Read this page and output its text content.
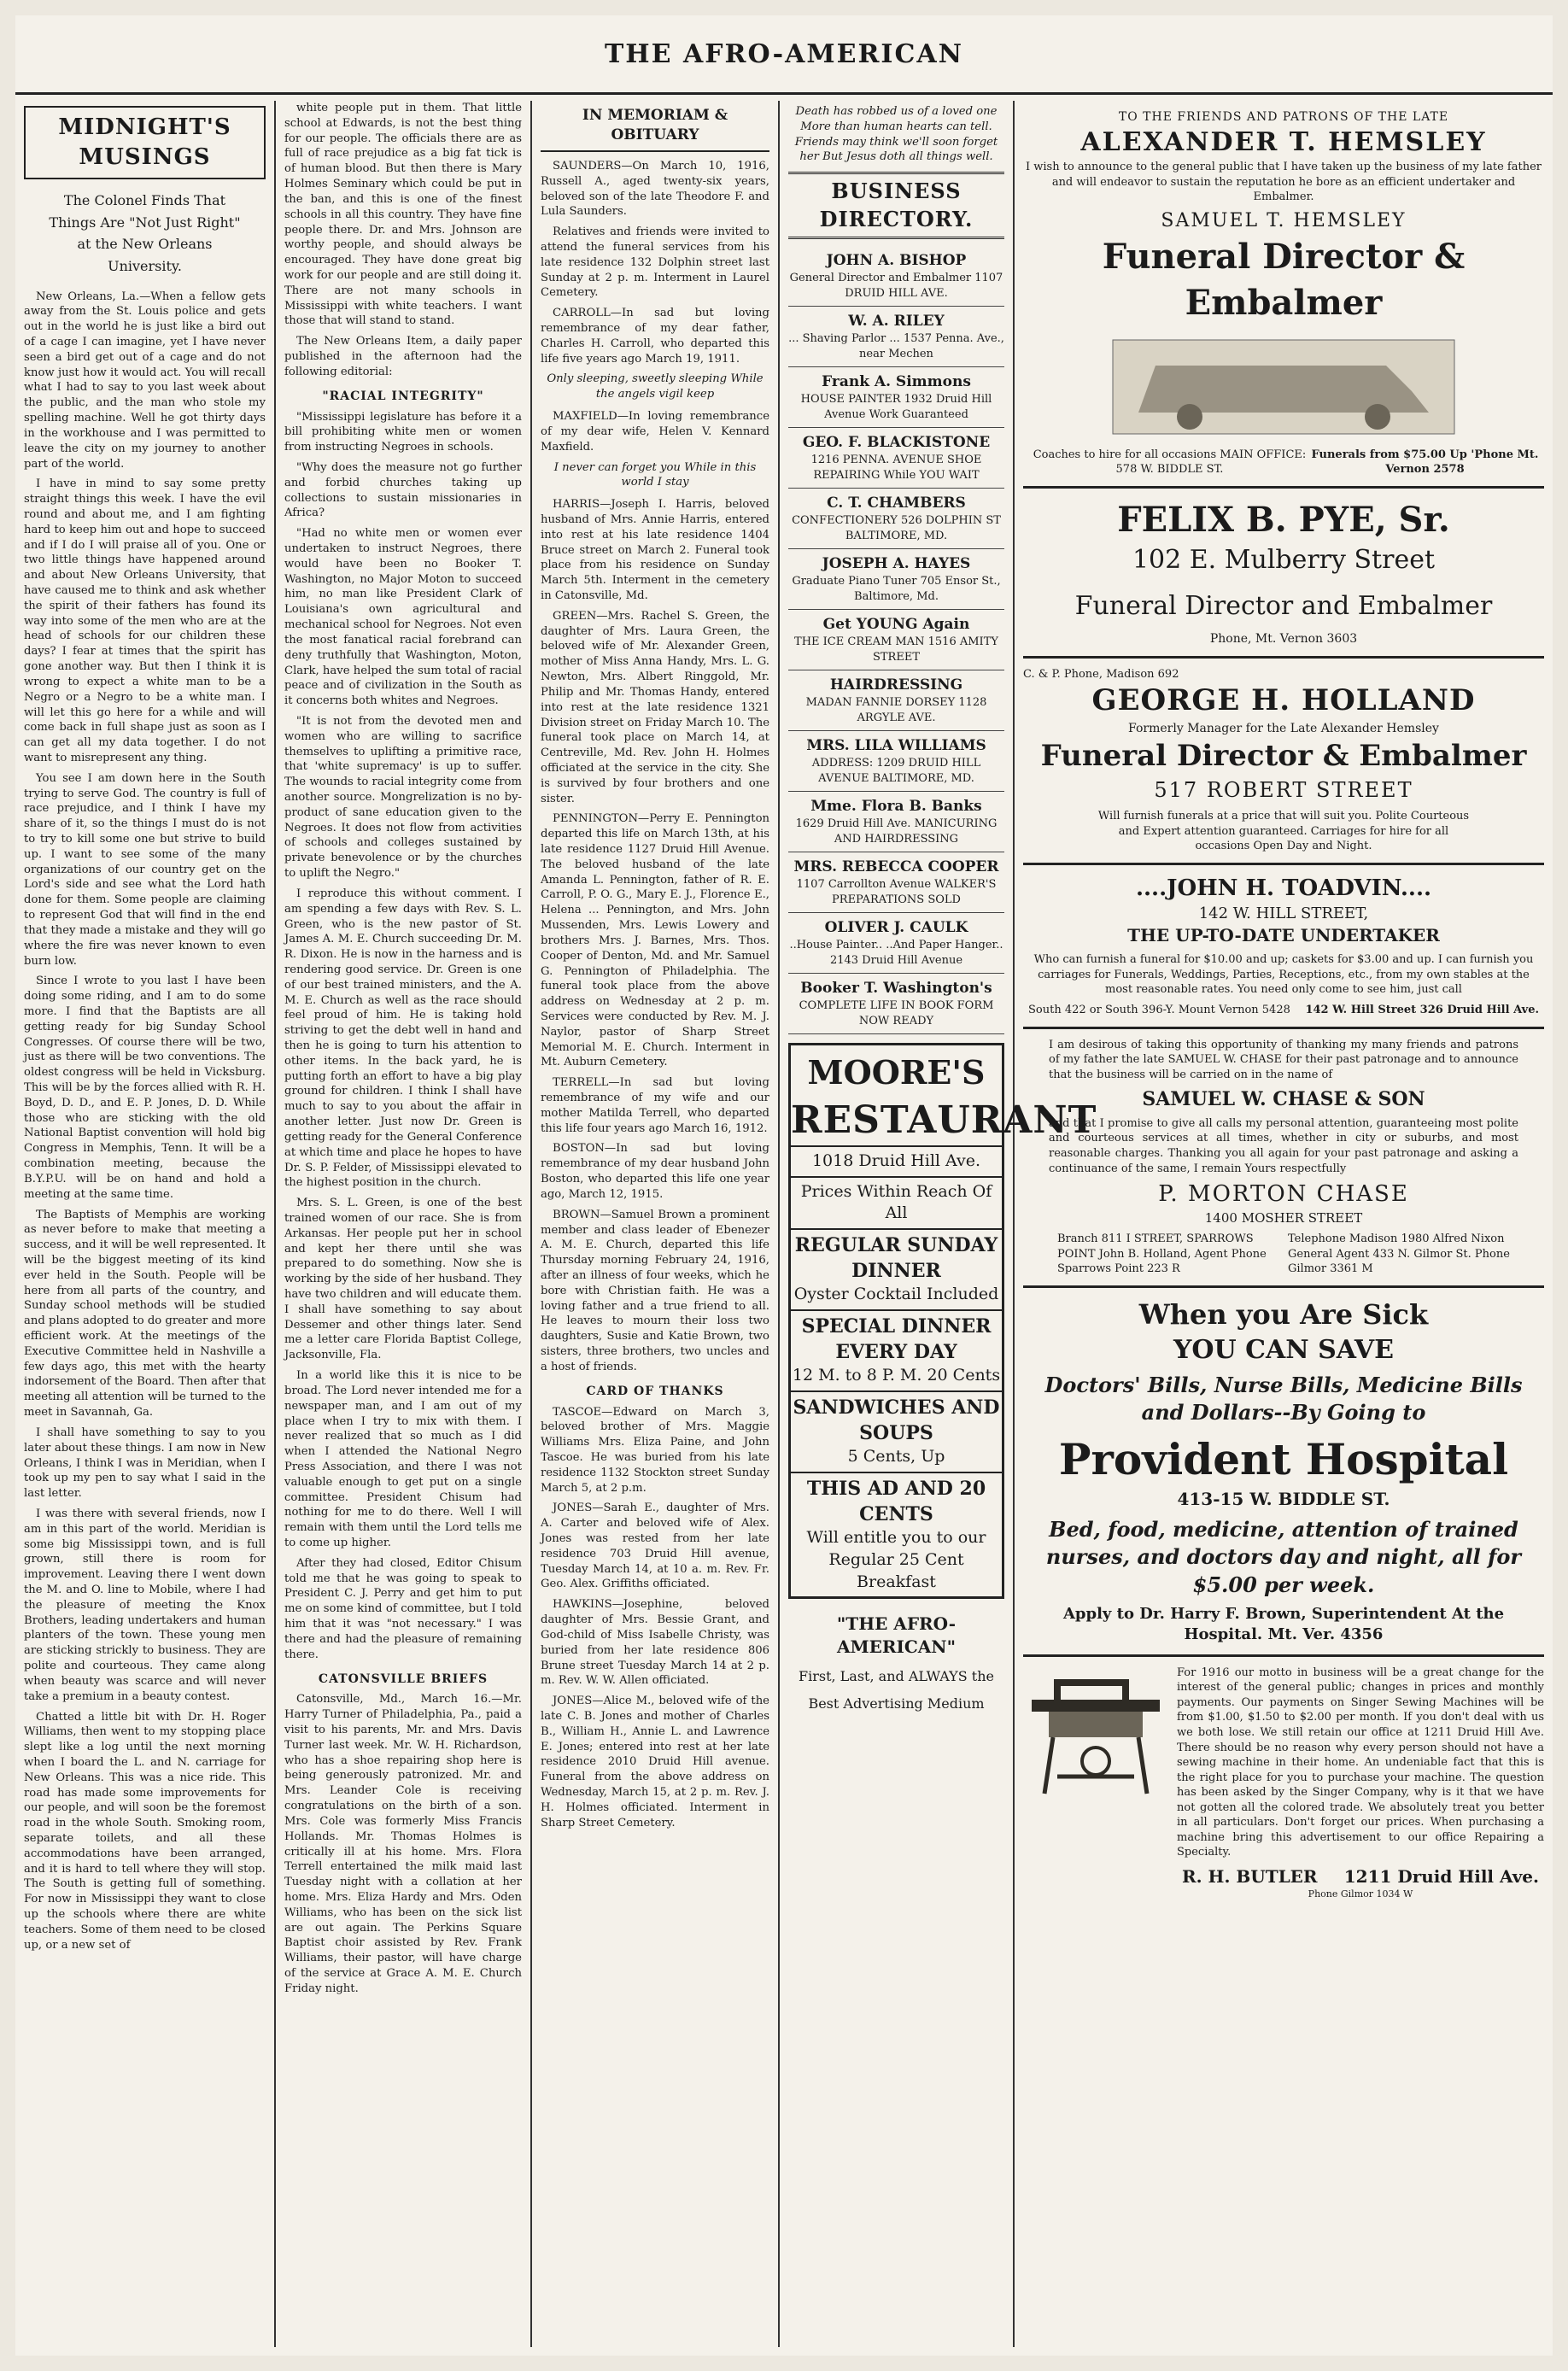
THE AFRO-AMERICAN
MIDNIGHT'S MUSINGS
The Colonel Finds That Things Are "Not Just Right" at the New Orleans University.

New Orleans, La.—When a fellow gets away from the St. Louis police and gets out in the world he is just like a bird out of a cage I can imagine, yet I have never seen a bird get out of a cage and do not know just how it would act. You will recall what I had to say to you last week about the public, and the man who stole my spelling machine. Well he got thirty days in the workhouse and I was permitted to leave the city on my journey to another part of the world.

I have in mind to say some pretty straight things this week. I have the evil round and about me, and I am fighting hard to keep him out and hope to succeed and if I do I will praise all of you. One or two little things have happened around and about New Orleans University, that have caused me to think and ask whether the spirit of their fathers has found its way into some of the men who are at the head of schools for our children these days? I fear at times that the spirit has gone another way. But then I think it is wrong to expect a white man to be a Negro or a Negro to be a white man. I will let this go here for a while and will come back in full shape just as soon as I can get all my data together. I do not want to misrepresent any thing.

You see I am down here in the South trying to serve God. The country is full of race prejudice, and I think I have my share of it, so the things I must do is not to try to kill some one but strive to build up. I want to see some of the many organizations of our country get on the Lord's side and see what the Lord hath done for them. Some people are claiming to represent God that will find in the end that they made a mistake and they will go where the fire was never known to even burn low.

Since I wrote to you last I have been doing some riding, and I am to do some more. I find that the Baptists are all getting ready for big Sunday School Congresses. Of course there will be two, just as there will be two conventions. The oldest congress will be held in Vicksburg. This will be by the forces allied with R. H. Boyd, D. D., and E. P. Jones, D. D. While those who are sticking with the old National Baptist convention will hold big Congress in Memphis, Tenn. It will be a combination meeting, because the B.Y.P.U. will be on hand and hold a meeting at the same time.

The Baptists of Memphis are working as never before to make that meeting a success, and it will be well represented. It will be the biggest meeting of its kind ever held in the South. People will be here from all parts of the country, and Sunday school methods will be studied and plans adopted to do greater and more efficient work. At the meetings of the Executive Committee held in Nashville a few days ago, this met with the hearty indorsement of the Board. Then after that meeting all attention will be turned to the meet in Savannah, Ga.

I shall have something to say to you later about these things. I am now in New Orleans, I think I was in Meridian, when I took up my pen to say what I said in the last letter.

I was there with several friends, now I am in this part of the world. Meridian is some big Mississippi town, and is full grown, still there is room for improvement. Leaving there I went down the M. and O. line to Mobile, where I had the pleasure of meeting the Knox Brothers, leading undertakers and human planters of the town. These young men are sticking strickly to business. They are polite and courteous. They came along when beauty was scarce and will never take a premium in a beauty contest.

Chatted a little bit with Dr. H. Roger Williams, then went to my stopping place slept like a log until the next morning when I board the L. and N. carriage for New Orleans. This was a nice ride. This road has made some improvements for our people, and will soon be the foremost road in the whole South. Smoking room, separate toilets, and all these accommodations have been arranged, and it is hard to tell where they will stop. The South is getting full of something. For now in Mississippi they want to close up the schools where there are white teachers. Some of them need to be closed up, or a new set of

white people put in them. That little school at Edwards, is not the best thing for our people. The officials there are as full of race prejudice as a big fat tick is of human blood. But then there is Mary Holmes Seminary which could be put in the ban, and this is one of the finest schools in all this country. They have fine people there. Dr. and Mrs. Johnson are worthy people, and should always be encouraged. They have done great big work for our people and are still doing it. There are not many schools in Mississippi with white teachers. I want those that will stand to stand.

The New Orleans Item, a daily paper published in the afternoon had the following editorial:

"RACIAL INTEGRITY"

"Mississippi legislature has before it a bill prohibiting white men or women from instructing Negroes in schools.

"Why does the measure not go further and forbid churches taking up collections to sustain missionaries in Africa?

"Had no white men or women ever undertaken to instruct Negroes, there would have been no Booker T. Washington, no Major Moton to succeed him, no man like President Clark of Louisiana's own agricultural and mechanical school for Negroes. Not even the most fanatical racial forebrand can deny truthfully that Washington, Moton, Clark, have helped the sum total of racial peace and of civilization in the South as it concerns both whites and Negroes.

"It is not from the devoted men and women who are willing to sacrifice themselves to uplifting a primitive race, that 'white supremacy' is up to suffer. The wounds to racial integrity come from another source. Mongrelization is no by-product of sane education given to the Negroes. It does not flow from activities of schools and colleges sustained by private benevolence or by the churches to uplift the Negro."

I reproduce this without comment. I am spending a few days with Rev. S. L. Green, who is the new pastor of St. James A. M. E. Church succeeding Dr. M. R. Dixon. He is now in the harness and is rendering good service. Dr. Green is one of our best trained ministers, and the A. M. E. Church as well as the race should feel proud of him. He is taking hold striving to get the debt well in hand and then he is going to turn his attention to other items. In the back yard, he is putting forth an effort to have a big play ground for children. I think I shall have much to say to you about the affair in another letter. Just now Dr. Green is getting ready for the General Conference at which time and place he hopes to have Dr. S. P. Felder, of Mississippi elevated to the highest position in the church.

Mrs. S. L. Green, is one of the best trained women of our race. She is from Arkansas. Her people put her in school and kept her there until she was prepared to do something. Now she is working by the side of her husband. They have two children and will educate them. I shall have something to say about Dessemer and other things later. Send me a letter care Florida Baptist College, Jacksonville, Fla.

In a world like this it is nice to be broad. The Lord never intended me for a newspaper man, and I am out of my place when I try to mix with them. I never realized that so much as I did when I attended the National Negro Press Association, and there I was not valuable enough to get put on a single committee. President Chisum had nothing for me to do there. Well I will remain with them until the Lord tells me to come up higher.

After they had closed, Editor Chisum told me that he was going to speak to President C. J. Perry and get him to put me on some kind of committee, but I told him that it was "not necessary." I was there and had the pleasure of remaining there.

CATONSVILLE BRIEFS

Catonsville, Md., March 16.—Mr. Harry Turner of Philadelphia, Pa., paid a visit to his parents, Mr. and Mrs. Davis Turner last week. Mr. W. H. Richardson, who has a shoe repairing shop here is being generously patronized. Mr. and Mrs. Leander Cole is receiving congratulations on the birth of a son. Mrs. Cole was formerly Miss Francis Hollands. Mr. Thomas Holmes is critically ill at his home. Mrs. Flora Terrell entertained the milk maid last Tuesday night with a collation at her home. Mrs. Eliza Hardy and Mrs. Oden Williams, who has been on the sick list are out again. The Perkins Square Baptist choir assisted by Rev. Frank Williams, their pastor, will have charge of the service at Grace A. M. E. Church Friday night.

IN MEMORIAM & OBITUARY

SAUNDERS—On March 10, 1916, Russell A., aged twenty-six years, beloved son of the late Theodore F. and Lula Saunders.

Relatives and friends were invited to attend the funeral services from his late residence 132 Dolphin street last Sunday at 2 p. m. Interment in Laurel Cemetery.

CARROLL—In sad but loving remembrance of my dear father, Charles H. Carroll, who departed this life five years ago March 19, 1911.

Only sleeping, sweetly sleeping While the angels vigil keep

MAXFIELD—In loving remembrance of my dear wife, Helen V. Kennard Maxfield.

I never can forget you While in this world I stay

HARRIS—Joseph I. Harris, beloved husband of Mrs. Annie Harris, entered into rest at his late residence 1404 Bruce street on March 2. Funeral took place from his residence on Sunday March 5th. Interment in the cemetery in Catonsville, Md.

GREEN—Mrs. Rachel S. Green, the daughter of Mrs. Laura Green, the beloved wife of Mr. Alexander Green, mother of Miss Anna Handy, Mrs. L. G. Newton, Mrs. Albert Ringgold, Mr. Philip and Mr. Thomas Handy, entered into rest at the late residence 1321 Division street on Friday March 10. The funeral took place on March 14, at Centreville, Md. Rev. John H. Holmes officiated at the service in the city. She is survived by four brothers and one sister.

PENNINGTON—Perry E. Pennington departed this life on March 13th, at his late residence 1127 Druid Hill Avenue. The beloved husband of the late Amanda L. Pennington, father of R. E. Carroll, P. O. G., Mary E. J., Florence E., Helena ... Pennington, and Mrs. John Mussenden, Mrs. Lewis Lowery and brothers Mrs. J. Barnes, Mrs. Thos. Cooper of Denton, Md. and Mr. Samuel G. Pennington of Philadelphia. The funeral took place from the above address on Wednesday at 2 p. m. Services were conducted by Rev. M. J. Naylor, pastor of Sharp Street Memorial M. E. Church. Interment in Mt. Auburn Cemetery.

TERRELL—In sad but loving remembrance of my wife and our mother Matilda Terrell, who departed this life four years ago March 16, 1912.

BOSTON—In sad but loving remembrance of my dear husband John Boston, who departed this life one year ago, March 12, 1915.

BROWN—Samuel Brown a prominent member and class leader of Ebenezer A. M. E. Church, departed this life Thursday morning February 24, 1916, after an illness of four weeks, which he bore with Christian faith. He was a loving father and a true friend to all. He leaves to mourn their loss two daughters, Susie and Katie Brown, two sisters, three brothers, two uncles and a host of friends.

CARD OF THANKS

TASCOE—Edward on March 3, beloved brother of Mrs. Maggie Williams Mrs. Eliza Paine, and John Tascoe. He was buried from his late residence 1132 Stockton street Sunday March 5, at 2 p.m.

JONES—Sarah E., daughter of Mrs. A. Carter and beloved wife of Alex. Jones was rested from her late residence 703 Druid Hill avenue, Tuesday March 14, at 10 a. m. Rev. Fr. Geo. Alex. Griffiths officiated.

HAWKINS—Josephine, beloved daughter of Mrs. Bessie Grant, and God-child of Miss Isabelle Christy, was buried from her late residence 806 Brune street Tuesday March 14 at 2 p. m. Rev. W. W. Allen officiated.

JONES—Alice M., beloved wife of the late C. B. Jones and mother of Charles B., William H., Annie L. and Lawrence E. Jones; entered into rest at her late residence 2010 Druid Hill avenue. Funeral from the above address on Wednesday, March 15, at 2 p. m. Rev. J. H. Holmes officiated. Interment in Sharp Street Cemetery.

Death has robbed us of a loved one More than human hearts can tell. Friends may think we'll soon forget her But Jesus doth all things well.

BUSINESS DIRECTORY.
JOHN A. BISHOP
General Director and Embalmer 1107 DRUID HILL AVE.
W. A. RILEY
... Shaving Parlor ... 1537 Penna. Ave., near Mechen
Frank A. Simmons
HOUSE PAINTER 1932 Druid Hill Avenue Work Guaranteed
GEO. F. BLACKISTONE
1216 PENNA. AVENUE SHOE REPAIRING While YOU WAIT
C. T. CHAMBERS
CONFECTIONERY 526 DOLPHIN ST BALTIMORE, MD.
JOSEPH A. HAYES
Graduate Piano Tuner 705 Ensor St., Baltimore, Md.
Get YOUNG Again
THE ICE CREAM MAN 1516 AMITY STREET
HAIRDRESSING
MADAN FANNIE DORSEY 1128 ARGYLE AVE.
MRS. LILA WILLIAMS
ADDRESS: 1209 DRUID HILL AVENUE BALTIMORE, MD.
Mme. Flora B. Banks
1629 Druid Hill Ave. MANICURING AND HAIRDRESSING
MRS. REBECCA COOPER
1107 Carrollton Avenue WALKER'S PREPARATIONS SOLD
OLIVER J. CAULK
..House Painter.. ..And Paper Hanger.. 2143 Druid Hill Avenue
Booker T. Washington's
COMPLETE LIFE IN BOOK FORM NOW READY
MOORE'S
RESTAURANT
1018 Druid Hill Ave.
Prices Within Reach Of All
REGULAR SUNDAY DINNER
Oyster Cocktail Included
SPECIAL DINNER EVERY DAY
12 M. to 8 P. M. 20 Cents
SANDWICHES AND SOUPS
5 Cents, Up
THIS AD AND 20 CENTS
Will entitle you to our Regular 25 Cent Breakfast
"THE AFRO-AMERICAN"
First, Last, and ALWAYS the
Best Advertising Medium
TO THE FRIENDS AND PATRONS OF THE LATE
ALEXANDER T. HEMSLEY
I wish to announce to the general public that I have taken up the business of my late father and will endeavor to sustain the reputation he bore as an efficient undertaker and Embalmer.
SAMUEL T. HEMSLEY
Funeral Director & Embalmer
Coaches to hire for all occasions MAIN OFFICE: 578 W. BIDDLE ST.
Funerals from $75.00 Up 'Phone Mt. Vernon 2578
FELIX B. PYE, Sr.
102 E. Mulberry Street
Funeral Director and Embalmer
Phone, Mt. Vernon 3603
C. & P. Phone, Madison 692
GEORGE H. HOLLAND
Formerly Manager for the Late Alexander Hemsley
Funeral Director & Embalmer
517 ROBERT STREET
Will furnish funerals at a price that will suit you. Polite Courteous and Expert attention guaranteed. Carriages for hire for all occasions Open Day and Night.
....JOHN H. TOADVIN....
142 W. HILL STREET,
THE UP-TO-DATE UNDERTAKER
Who can furnish a funeral for $10.00 and up; caskets for $3.00 and up. I can furnish you carriages for Funerals, Weddings, Parties, Receptions, etc., from my own stables at the most reasonable rates. You need only come to see him, just call
South 422 or South 396-Y. Mount Vernon 5428 142 W. Hill Street 326 Druid Hill Ave.
I am desirous of taking this opportunity of thanking my many friends and patrons of my father the late SAMUEL W. CHASE for their past patronage and to announce that the business will be carried on in the name of
SAMUEL W. CHASE & SON
and that I promise to give all calls my personal attention, guaranteeing most polite and courteous services at all times, whether in city or suburbs, and most reasonable charges. Thanking you all again for your past patronage and asking a continuance of the same, I remain Yours respectfully
P. MORTON CHASE
1400 MOSHER STREET
Branch 811 I STREET, SPARROWS POINT John B. Holland, Agent Phone Sparrows Point 223 R
Telephone Madison 1980 Alfred Nixon General Agent 433 N. Gilmor St. Phone Gilmor 3361 M
When you Are Sick
YOU CAN SAVE
Doctors' Bills, Nurse Bills, Medicine Bills and Dollars--By Going to
Provident Hospital
413-15 W. BIDDLE ST.
Bed, food, medicine, attention of trained nurses, and doctors day and night, all for $5.00 per week.
Apply to Dr. Harry F. Brown, Superintendent At the Hospital. Mt. Ver. 4356
For 1916 our motto in business will be a great change for the interest of the general public; changes in prices and monthly payments. Our payments on Singer Sewing Machines will be from $1.00, $1.50 to $2.00 per month. If you don't deal with us we both lose. We still retain our office at 1211 Druid Hill Ave. There should be no reason why every person should not have a sewing machine in their home. An undeniable fact that this is the right place for you to purchase your machine. The question has been asked by the Singer Company, why is it that we have not gotten all the colored trade. We absolutely treat you better in all particulars. Don't forget our prices. When purchasing a machine bring this advertisement to our office Repairing a Specialty.
R. H. BUTLER 1211 Druid Hill Ave.
Phone Gilmor 1034 W
